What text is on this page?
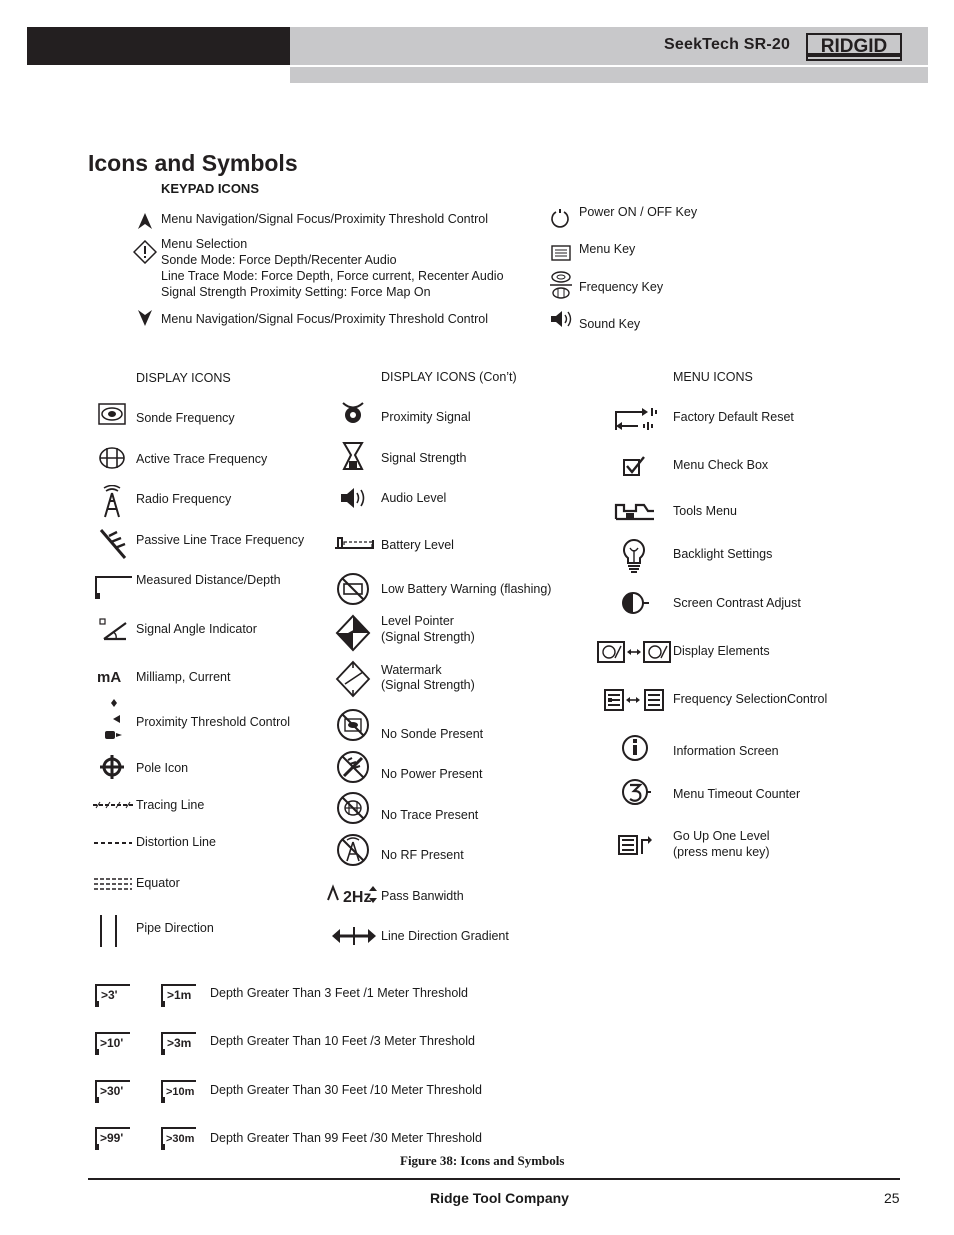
SeekTech SR-20 RIDGID
Icons and Symbols
KEYPAD ICONS
Menu Navigation/Signal Focus/Proximity Threshold Control
Menu Selection
Sonde Mode: Force Depth/Recenter Audio
Line Trace Mode: Force Depth, Force current, Recenter Audio
Signal Strength Proximity Setting: Force Map On
Menu Navigation/Signal Focus/Proximity Threshold Control
Power ON / OFF Key
Menu Key
Frequency Key
Sound Key
DISPLAY ICONS
Sonde Frequency
Active Trace Frequency
Radio Frequency
Passive Line Trace Frequency
Measured Distance/Depth
Signal Angle Indicator
mA Milliamp, Current
Proximity Threshold Control
Pole Icon
Tracing Line
Distortion Line
Equator
Pipe Direction
DISPLAY ICONS (Con’t)
Proximity Signal
Signal Strength
Audio Level
Battery Level
Low Battery Warning (flashing)
Level Pointer
(Signal Strength)
Watermark
(Signal Strength)
No Sonde Present
No Power Present
No Trace Present
No RF Present
2Hz Pass Banwidth
Line Direction Gradient
MENU ICONS
Factory Default Reset
Menu Check Box
Tools Menu
Backlight Settings
Screen Contrast Adjust
Display Elements
Frequency SelectionControl
Information Screen
Menu Timeout Counter
Go Up One Level
(press menu key)
>3'	>1m Depth Greater Than 3 Feet /1 Meter Threshold
>10'	>3m Depth Greater Than 10 Feet /3 Meter Threshold
>30'	>10m Depth Greater Than 30 Feet /10 Meter Threshold
>99'	>30m Depth Greater Than 99 Feet /30 Meter Threshold
Figure 38: Icons and Symbols
Ridge Tool Company	25
